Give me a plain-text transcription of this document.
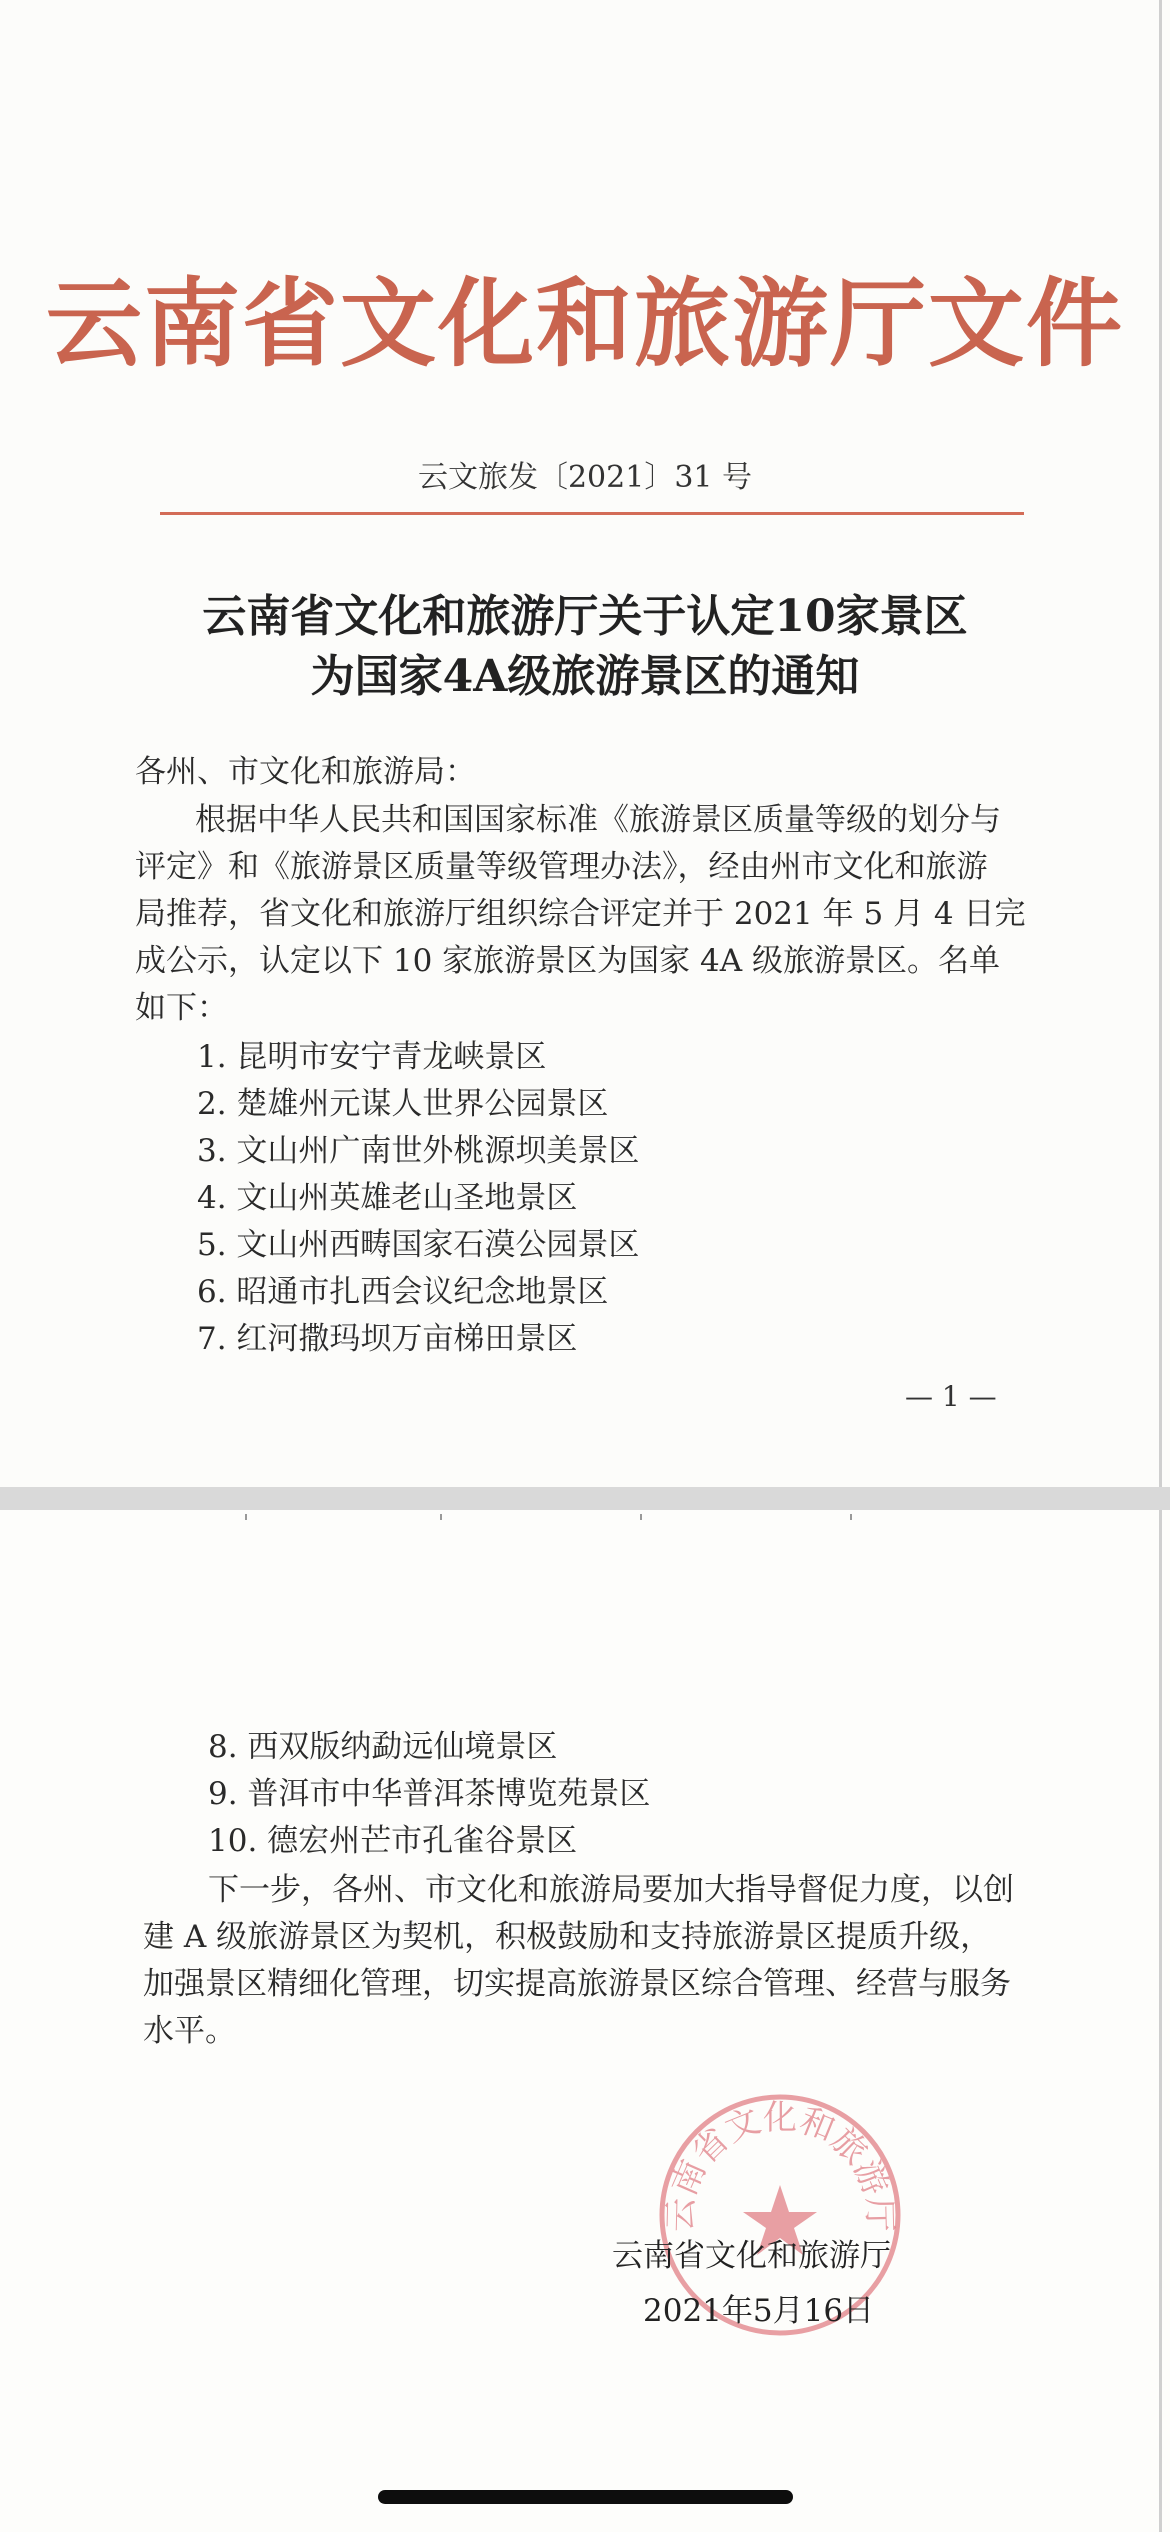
云南省文化和旅游厅文件
云文旅发〔2021〕31 号
云南省文化和旅游厅关于认定10家景区
为国家4A级旅游景区的通知
各州、市文化和旅游局：
根据中华人民共和国国家标准《旅游景区质量等级的划分与
评定》和《旅游景区质量等级管理办法》，经由州市文化和旅游
局推荐，省文化和旅游厅组织综合评定并于 2021 年 5 月 4 日完
成公示，认定以下 10 家旅游景区为国家 4A 级旅游景区。名单
如下：
1. 昆明市安宁青龙峡景区
2. 楚雄州元谋人世界公园景区
3. 文山州广南世外桃源坝美景区
4. 文山州英雄老山圣地景区
5. 文山州西畴国家石漠公园景区
6. 昭通市扎西会议纪念地景区
7. 红河撒玛坝万亩梯田景区
— 1 —
8. 西双版纳勐远仙境景区
9. 普洱市中华普洱茶博览苑景区
10. 德宏州芒市孔雀谷景区
下一步，各州、市文化和旅游局要加大指导督促力度，以创
建 A 级旅游景区为契机，积极鼓励和支持旅游景区提质升级，
加强景区精细化管理，切实提高旅游景区综合管理、经营与服务
水平。
云南省文化和旅游厅
云南省文化和旅游厅
2021年5月16日
